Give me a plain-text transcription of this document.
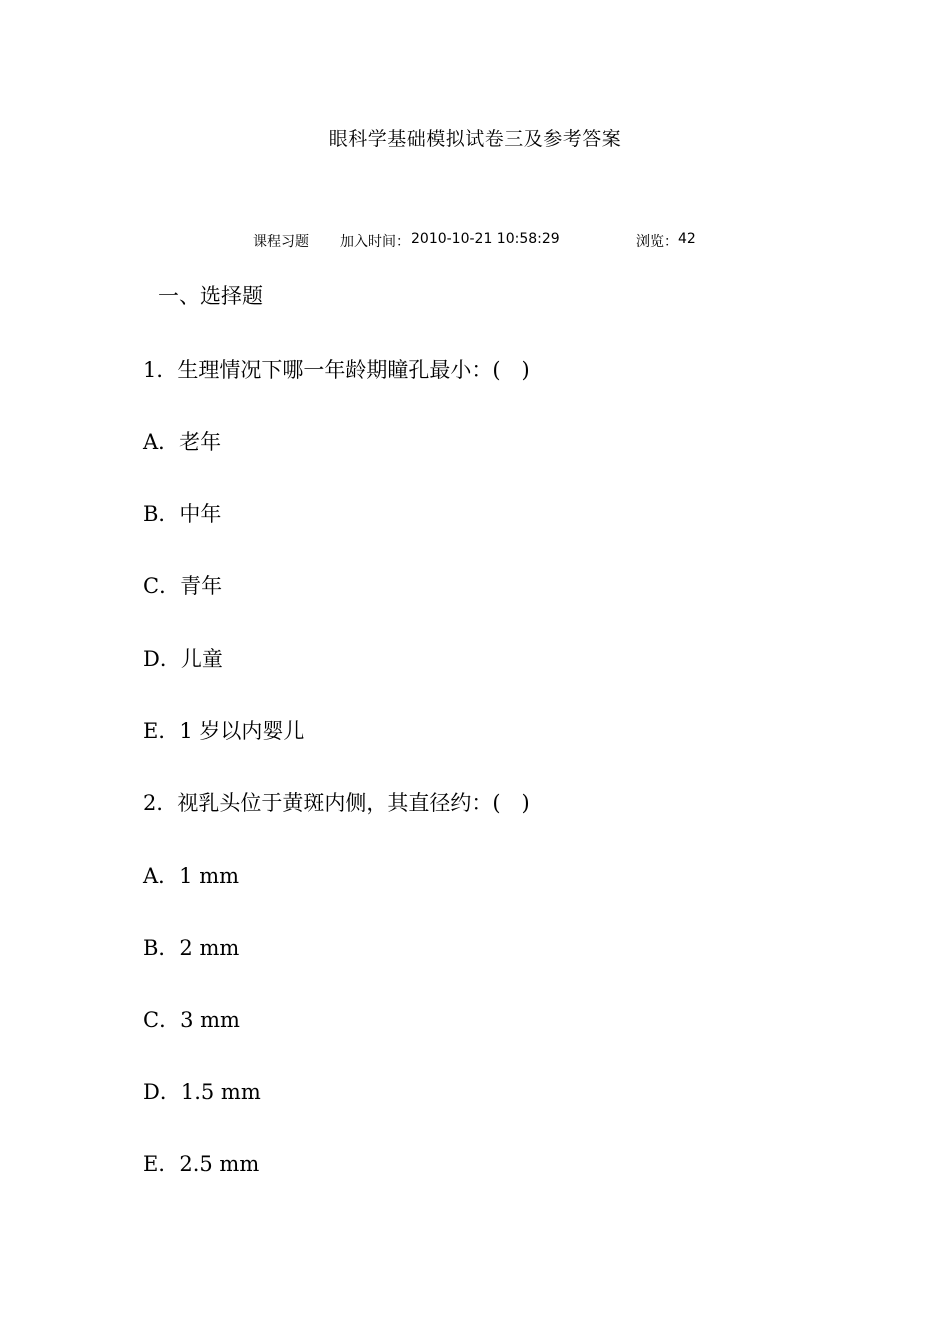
眼科学基础模拟试卷三及参考答案
课程习题 加入时间： 2010-10-21 10:58:29	浏览： 42
一、选择题
1．生理情况下哪一年龄期瞳孔最小：(　)
A．老年
B．中年
C．青年
D．儿童
E．1 岁以内婴儿
2．视乳头位于黄斑内侧，其直径约：(　)
A．1 mm
B．2 mm
C．3 mm
D．1.5 mm
E．2.5 mm
